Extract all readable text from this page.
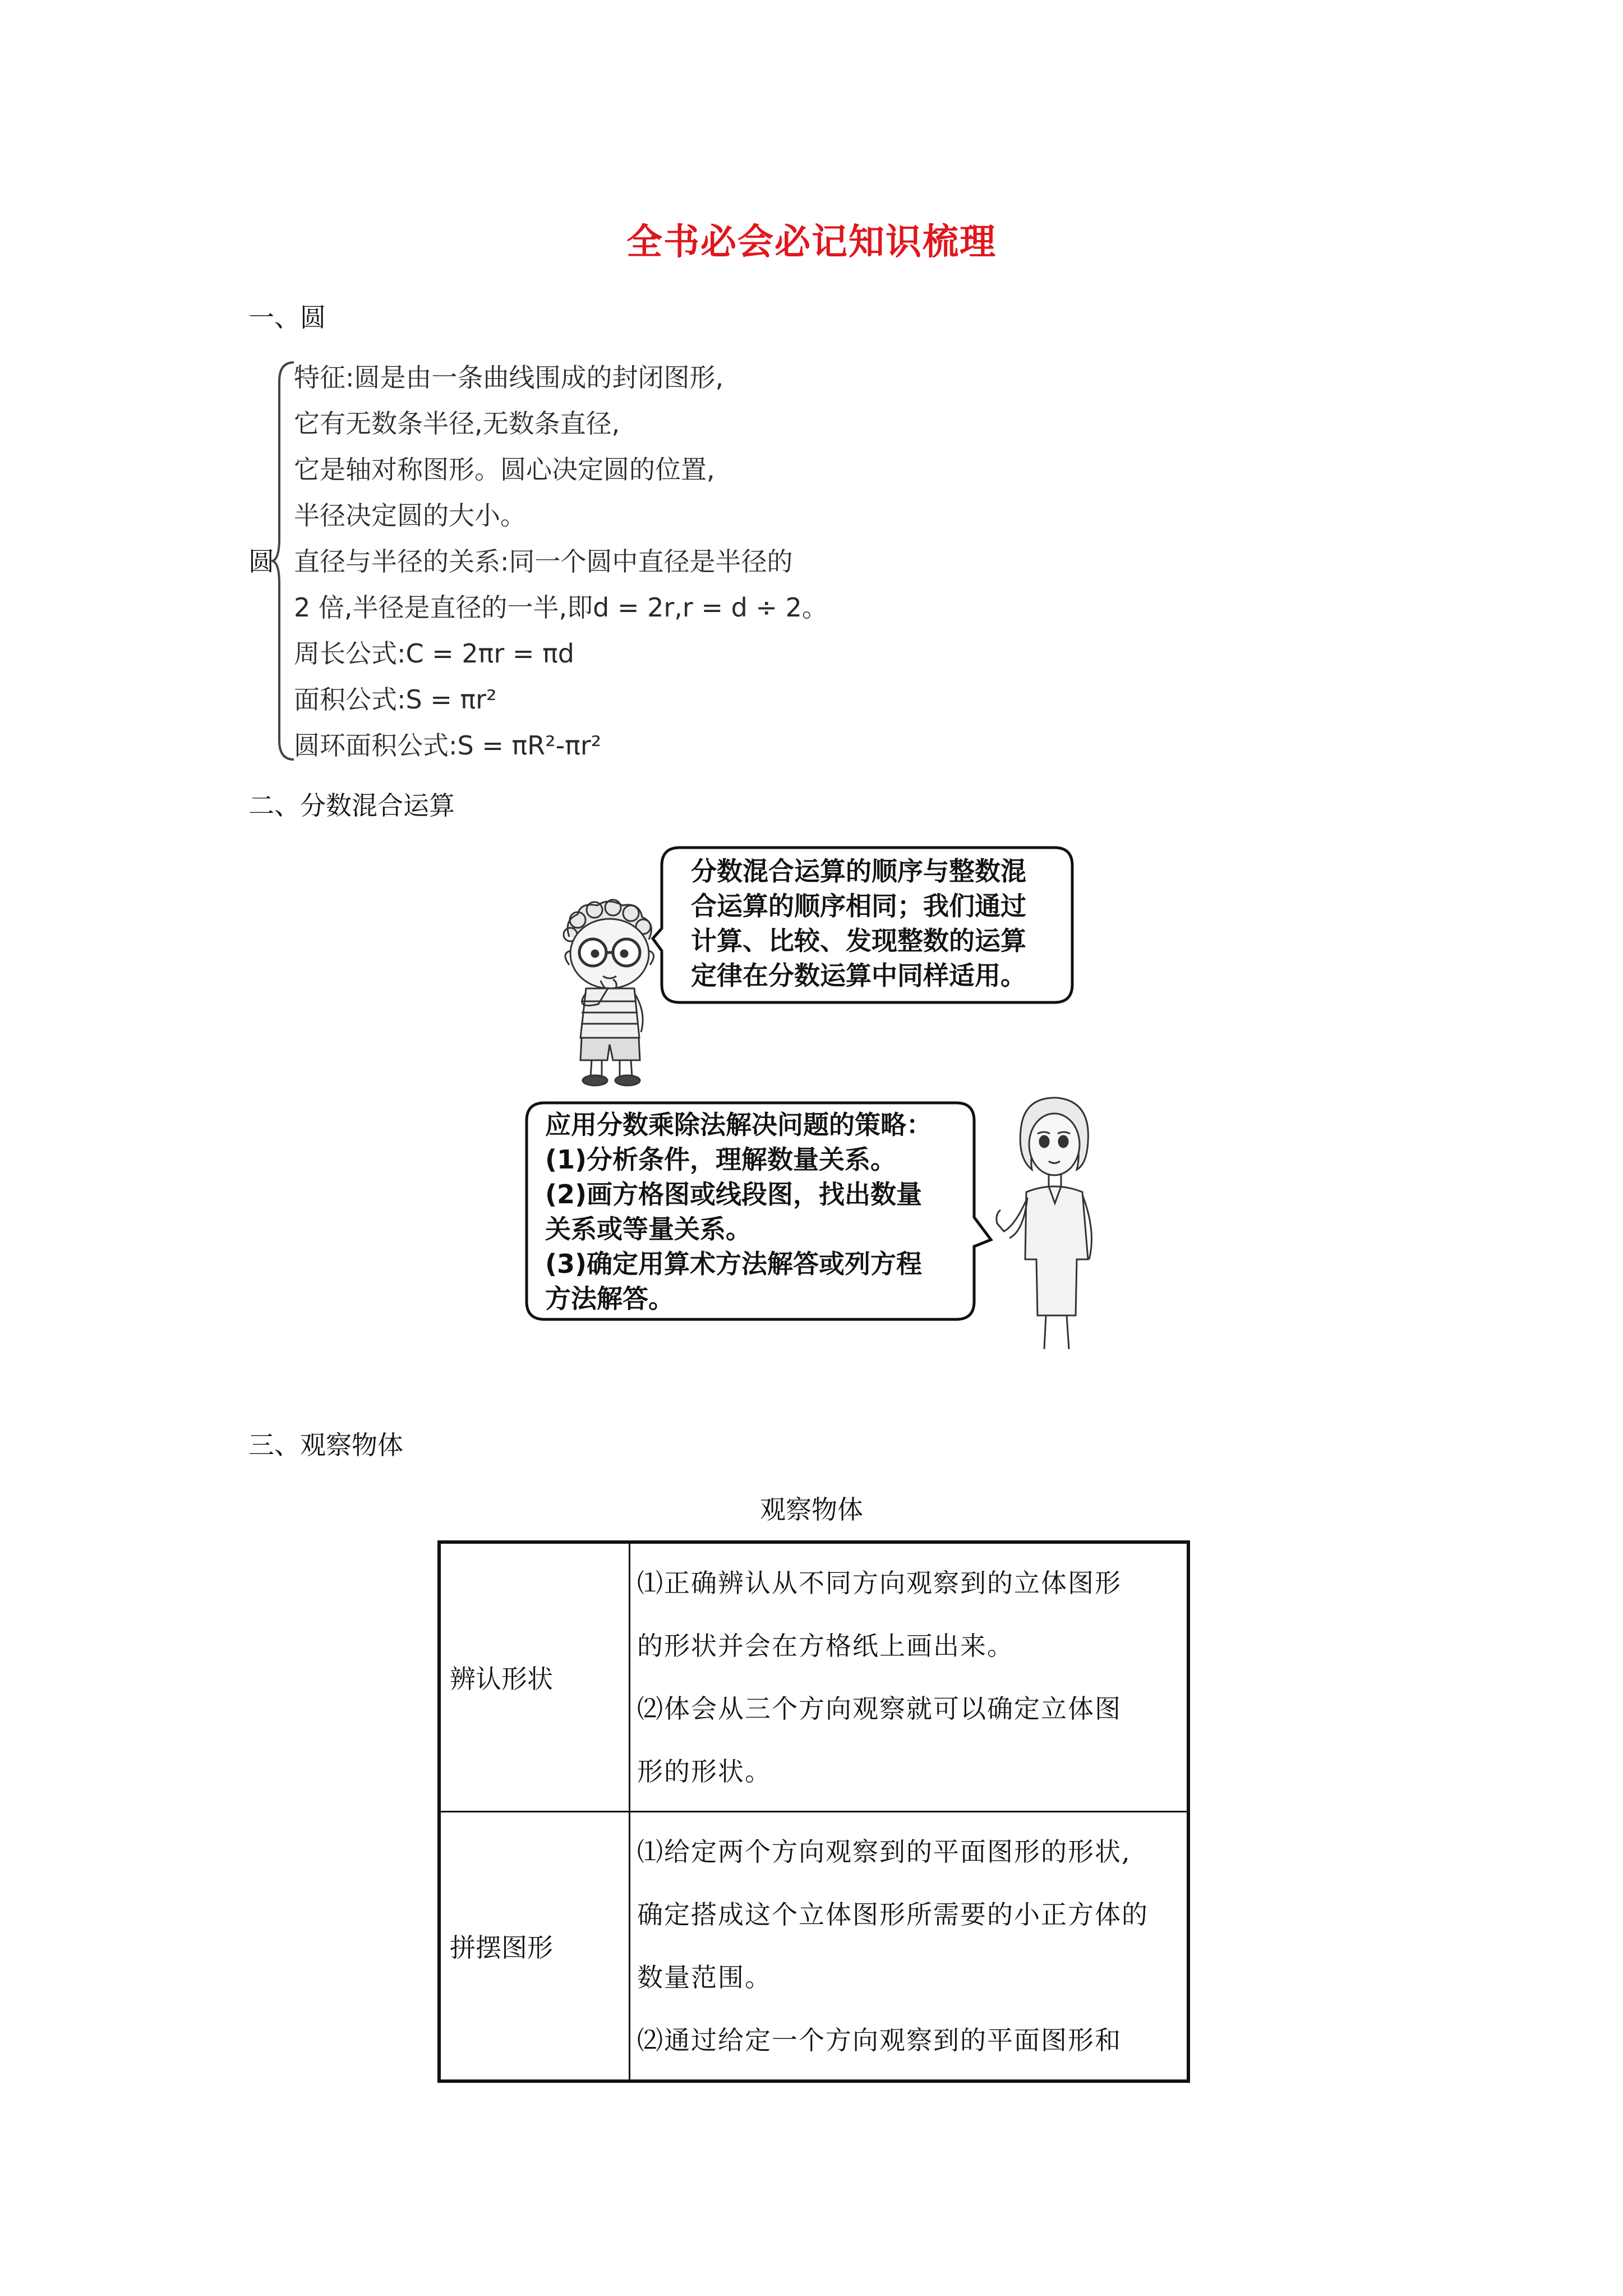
全书必会必记知识梳理
一、圆
圆
特征:圆是由一条曲线围成的封闭图形,
它有无数条半径,无数条直径,
它是轴对称图形。圆心决定圆的位置,
半径决定圆的大小。
直径与半径的关系:同一个圆中直径是半径的
2 倍,半径是直径的一半,即d = 2r,r = d ÷ 2。
周长公式:C = 2πr = πd
面积公式:S = πr²
圆环面积公式:S = πR²-πr²
二、分数混合运算
分数混合运算的顺序与整数混
合运算的顺序相同；我们通过
计算、比较、发现整数的运算
定律在分数运算中同样适用。
应用分数乘除法解决问题的策略：
(1)分析条件，理解数量关系。
(2)画方格图或线段图，找出数量
关系或等量关系。
(3)确定用算术方法解答或列方程
方法解答。
三、观察物体
观察物体
辨认形状	⑴正确辨认从不同方向观察到的立体图形
的形状并会在方格纸上画出来。
⑵体会从三个方向观察就可以确定立体图
形的形状。

拼摆图形	⑴给定两个方向观察到的平面图形的形状,
确定搭成这个立体图形所需要的小正方体的
数量范围。
⑵通过给定一个方向观察到的平面图形和
